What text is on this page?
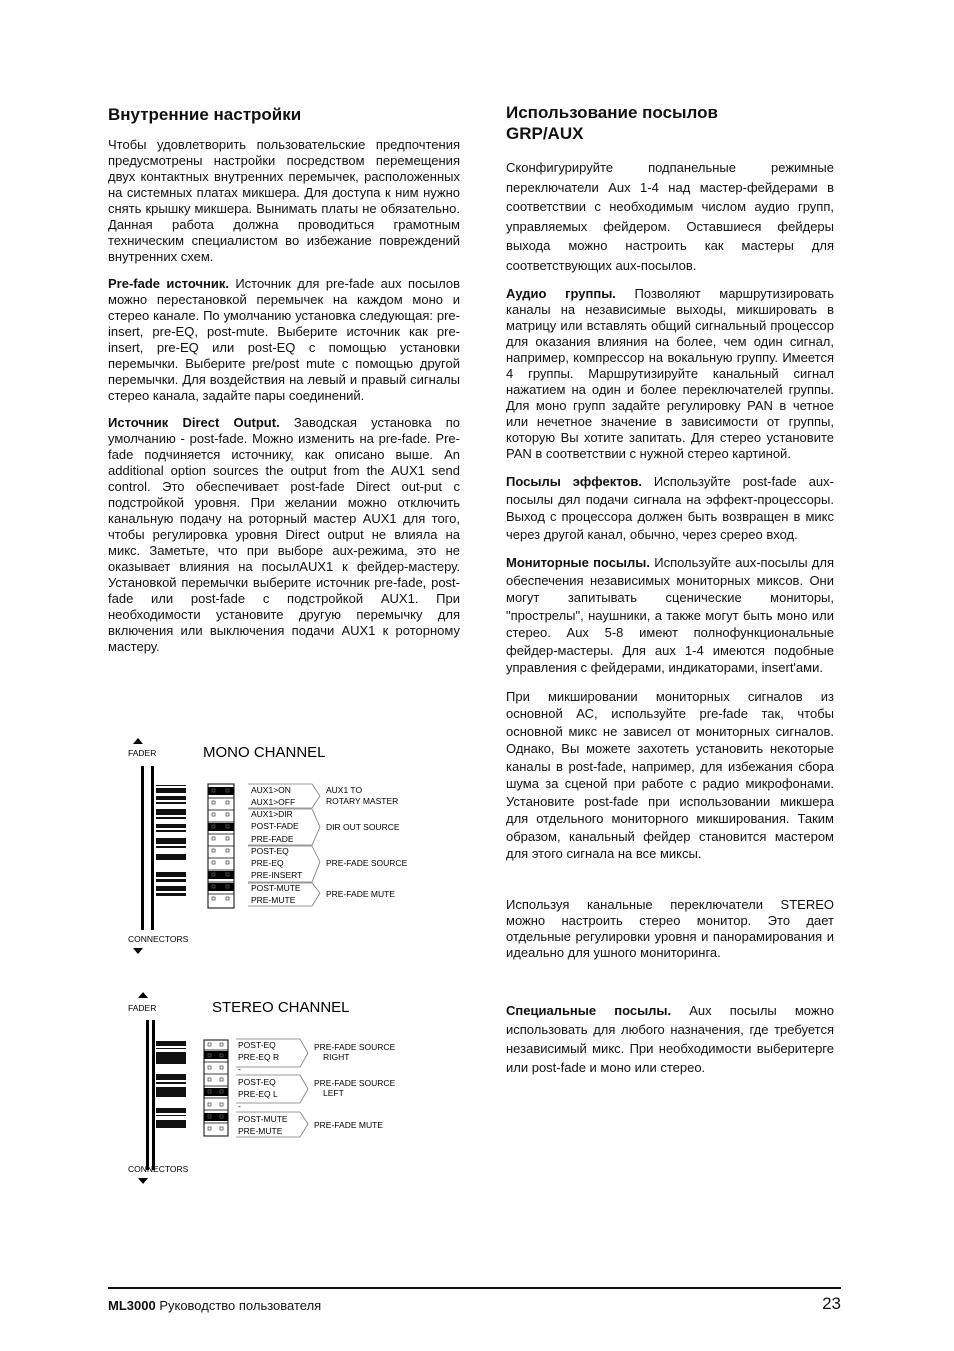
Внутренние настройки

Чтобы удовлетворить пользовательские предпочтения предусмотрены настройки посредством перемещения двух контактных внутренних перемычек, расположенных на системных платах микшера. Для доступа к ним нужно снять крышку микшера. Вынимать платы не обязательно. Данная работа должна проводиться грамотным техническим специалистом во избежание повреждений внутренних схем.

Pre-fade источник. Источник для pre-fade aux посылов можно перестановкой перемычек на каждом моно и стерео канале. По умолчанию установка следующая: pre-insert, pre-EQ, post-mute. Выберите источник как pre-insert, pre-EQ или post-EQ с помощью установки перемычки. Выберите pre/post mute с помощью другой перемычки. Для воздействия на левый и правый сигналы стерео канала, задайте пары соединений.

Источник Direct Output. Заводская установка по умолчанию - post-fade. Можно изменить на pre-fade. Pre-fade подчиняется источнику, как описано выше. An additional option sources the output from the AUX1 send control. Это обеспечивает post-fade Direct out-put с подстройкой уровня. При желании можно отключить канальную подачу на роторный мастер AUX1 для того, чтобы регулировка уровня Direct output не влияла на микс. Заметьте, что при выборе aux-режима, это не оказывает влияния на посылAUX1 к фейдер-мастеру. Установкой перемычки выберите источник pre-fade, post-fade или post-fade с подстройкой AUX1. При необходимости установите другую перемычку для включения или выключения подачи AUX1 к роторному мастеру.

FADER	MONO CHANNEL
AUX1>ON
AUX1>OFF
AUX1>DIR
POST-FADE
PRE-FADE
POST-EQ
PRE-EQ
PRE-INSERT
POST-MUTE
PRE-MUTE
AUX1 TO
ROTARY MASTER
DIR OUT SOURCE
PRE-FADE SOURCE
PRE-FADE MUTE
CONNECTORS
FADER	STEREO CHANNEL
POST-EQ
PRE-EQ R
-
POST-EQ
PRE-EQ L
-
POST-MUTE
PRE-MUTE
PRE-FADE SOURCE
RIGHT
PRE-FADE SOURCE
LEFT
PRE-FADE MUTE
CONNECTORS
Использование посылов
GRP/AUX

Сконфигурируйте подпанельные режимные переключатели Aux 1-4 над мастер-фейдерами в соответствии с необходимым числом аудио групп, управляемых фейдером. Оставшиеся фейдеры выхода можно настроить как мастеры для соответствующих aux-посылов.

Аудио группы. Позволяют маршрутизировать каналы на независимые выходы, микшировать в матрицу или вставлять общий сигнальный процессор для оказания влияния на более, чем один сигнал, например, компрессор на вокальную группу. Имеется 4 группы. Маршрутизируйте канальный сигнал нажатием на один и более переключателей группы. Для моно групп задайте регулировку PAN в четное или нечетное значение в зависимости от группы, которую Вы хотите запитать. Для стерео установите PAN в соответствии с нужной стерео картиной.

Посылы эффектов. Используйте post-fade aux-посылы дял подачи сигнала на эффект-процессоры. Выход с процессора должен быть возвращен в микс через другой канал, обычно, через сререо вход.

Мониторные посылы. Используйте aux-посылы для обеспечения независимых мониторных миксов. Они могут запитывать сценические мониторы, "прострелы", наушники, а также могут быть моно или стерео. Aux 5-8 имеют полнофункциональные фейдер-мастеры. Для aux 1-4 имеются подобные управления с фейдерами, индикаторами, insert'ами.

При микшировании мониторных сигналов из основной АС, используйте pre-fade так, чтобы основной микс не зависел от мониторных сигналов. Однако, Вы можете захотеть установить некоторые каналы в post-fade, например, для избежания сбора шума за сценой при работе с радио микрофонами. Установите post-fade при использовании микшера для отдельного мониторного микширования. Таким образом, канальный фейдер становится мастером для этого сигнала на все миксы.

Используя канальные переключатели STEREO можно настроить стерео монитор. Это дает отдельные регулировки уровня и панорамирования и идеально для ушного мониторинга.

Специальные посылы. Aux посылы можно использовать для любого назначения, где требуется независимый микс. При необходимости выберитерге или post-fade и моно или стерео.

ML3000 Руководство пользователя	23
